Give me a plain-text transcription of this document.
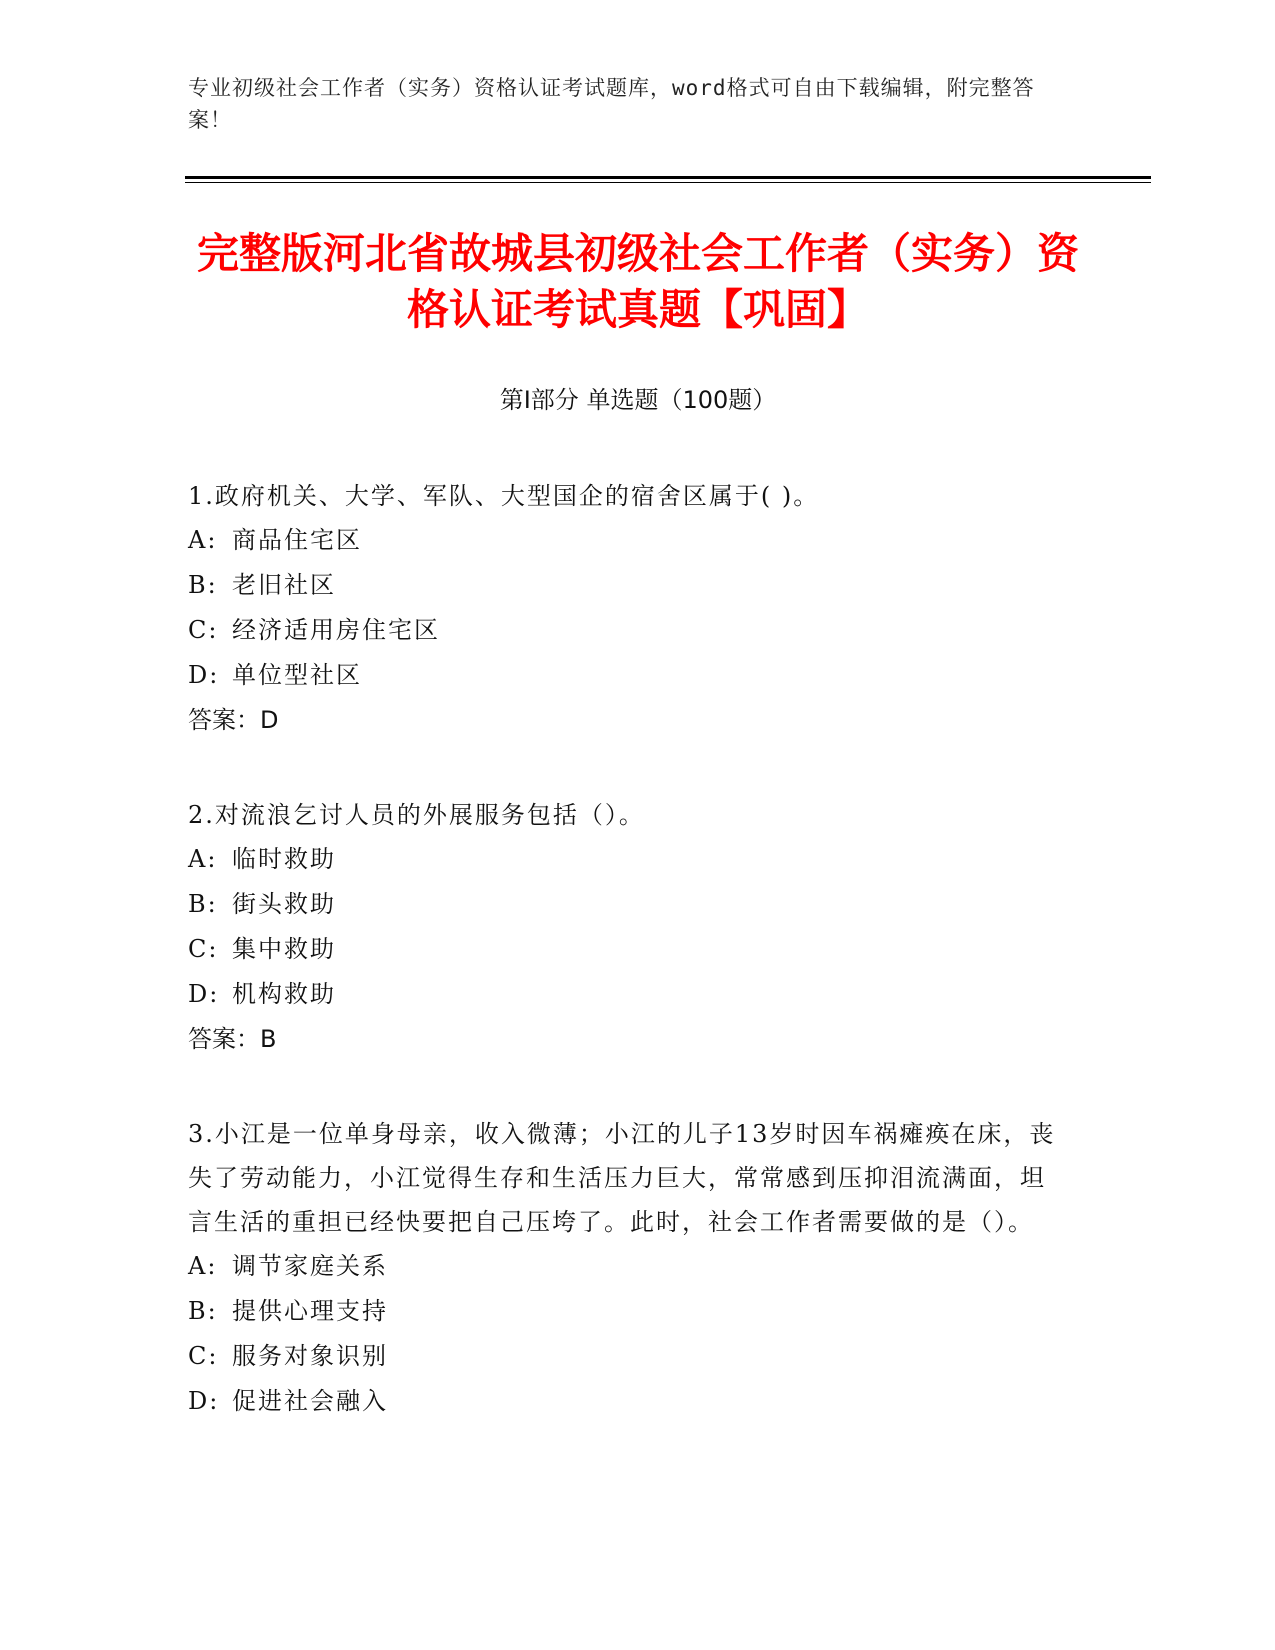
专业初级社会工作者（实务）资格认证考试题库，word格式可自由下载编辑，附完整答案！
完整版河北省故城县初级社会工作者（实务）资格认证考试真题【巩固】
第Ⅰ部分 单选题（100题）
1.政府机关、大学、军队、大型国企的宿舍区属于( )。
A: 商品住宅区
B: 老旧社区
C: 经济适用房住宅区
D: 单位型社区
答案：D
2.对流浪乞讨人员的外展服务包括（）。
A: 临时救助
B: 街头救助
C: 集中救助
D: 机构救助
答案：B
3.小江是一位单身母亲，收入微薄；小江的儿子13岁时因车祸瘫痪在床，丧失了劳动能力，小江觉得生存和生活压力巨大，常常感到压抑泪流满面，坦言生活的重担已经快要把自己压垮了。此时，社会工作者需要做的是（）。
A: 调节家庭关系
B: 提供心理支持
C: 服务对象识别
D: 促进社会融入
